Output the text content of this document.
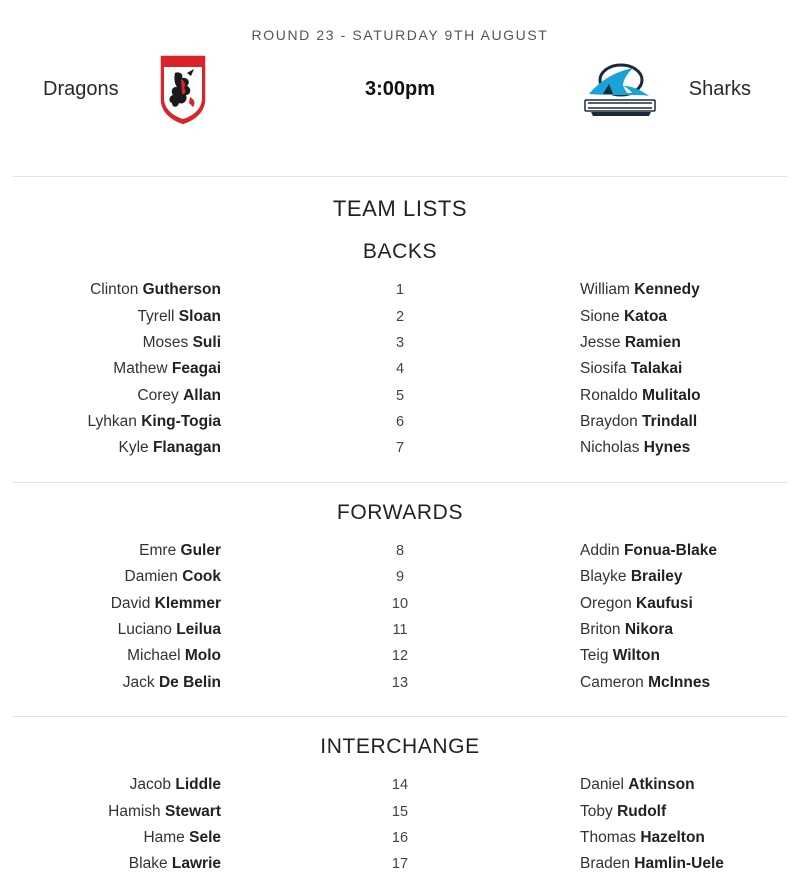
ROUND 23 - SATURDAY 9TH AUGUST
Dragons	3:00pm	Sharks
TEAM LISTS
BACKS
Clinton Gutherson	1	William Kennedy
Tyrell Sloan	2	Sione Katoa
Moses Suli	3	Jesse Ramien
Mathew Feagai	4	Siosifa Talakai
Corey Allan	5	Ronaldo Mulitalo
Lyhkan King-Togia	6	Braydon Trindall
Kyle Flanagan	7	Nicholas Hynes
FORWARDS
Emre Guler	8	Addin Fonua-Blake
Damien Cook	9	Blayke Brailey
David Klemmer	10	Oregon Kaufusi
Luciano Leilua	11	Briton Nikora
Michael Molo	12	Teig Wilton
Jack De Belin	13	Cameron McInnes
INTERCHANGE
Jacob Liddle	14	Daniel Atkinson
Hamish Stewart	15	Toby Rudolf
Hame Sele	16	Thomas Hazelton
Blake Lawrie	17	Braden Hamlin-Uele
